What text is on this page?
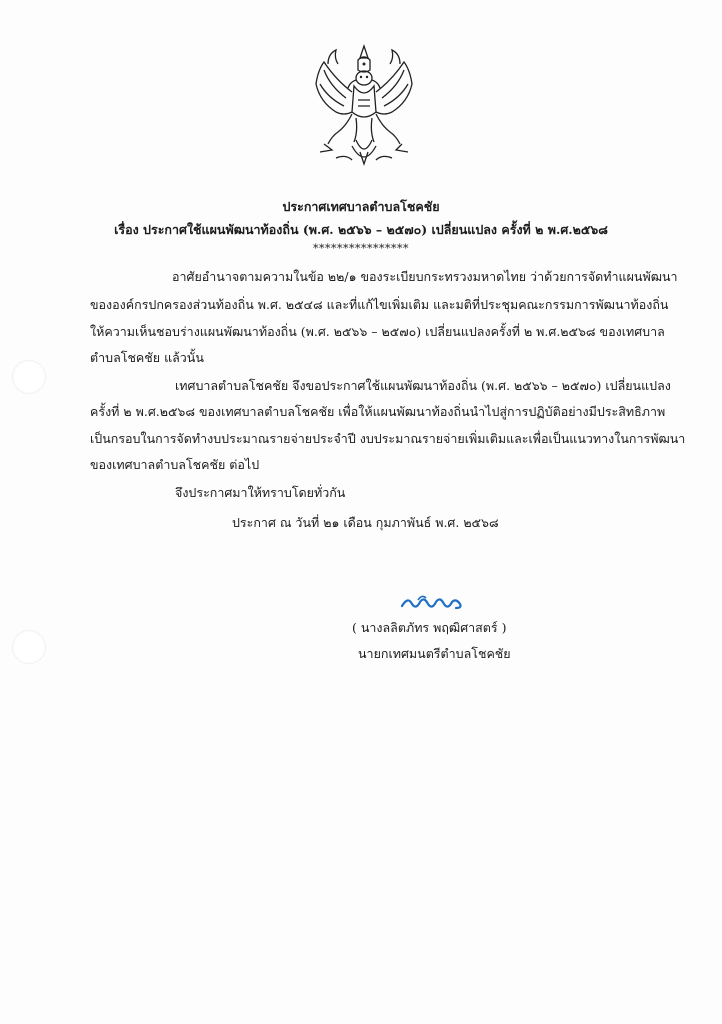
ประกาศเทศบาลตำบลโชคชัย
เรื่อง ประกาศใช้แผนพัฒนาท้องถิ่น (พ.ศ. ๒๕๖๖ – ๒๕๗๐) เปลี่ยนแปลง ครั้งที่ ๒ พ.ศ.๒๕๖๘
****************
อาศัยอำนาจตามความในข้อ ๒๒/๑ ของระเบียบกระทรวงมหาดไทย ว่าด้วยการจัดทำแผนพัฒนา
ขององค์กรปกครองส่วนท้องถิ่น พ.ศ. ๒๕๔๘ และที่แก้ไขเพิ่มเติม และมติที่ประชุมคณะกรรมการพัฒนาท้องถิ่น
ให้ความเห็นชอบร่างแผนพัฒนาท้องถิ่น (พ.ศ. ๒๕๖๖ – ๒๕๗๐) เปลี่ยนแปลงครั้งที่ ๒ พ.ศ.๒๕๖๘ ของเทศบาล
ตำบลโชคชัย แล้วนั้น
เทศบาลตำบลโชคชัย จึงขอประกาศใช้แผนพัฒนาท้องถิ่น (พ.ศ. ๒๕๖๖ – ๒๕๗๐) เปลี่ยนแปลง
ครั้งที่ ๒ พ.ศ.๒๕๖๘ ของเทศบาลตำบลโชคชัย เพื่อให้แผนพัฒนาท้องถิ่นนำไปสู่การปฏิบัติอย่างมีประสิทธิภาพ
เป็นกรอบในการจัดทำงบประมาณรายจ่ายประจำปี งบประมาณรายจ่ายเพิ่มเติมและเพื่อเป็นแนวทางในการพัฒนา
ของเทศบาลตำบลโชคชัย ต่อไป
จึงประกาศมาให้ทราบโดยทั่วกัน
ประกาศ ณ วันที่ ๒๑ เดือน กุมภาพันธ์ พ.ศ. ๒๕๖๘
( นางลลิตภัทร พฤฒิศาสตร์ )
นายกเทศมนตรีตำบลโชคชัย
